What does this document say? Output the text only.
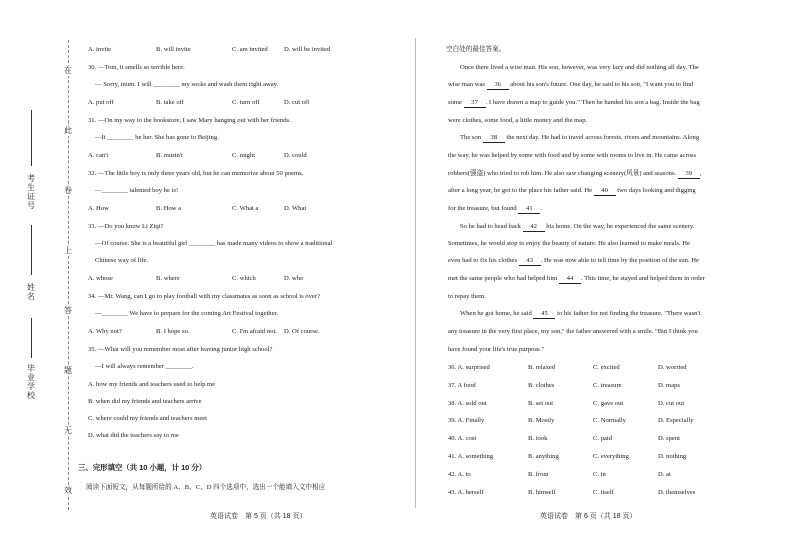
在
此
卷
上
答
题
无
效
考生证号
姓名
毕业学校
A. invite	B. will invite	C. am invited D. will be invited
30. —Tom, it smells so terrible here.
— Sorry, mum. I will ________ my socks and wash them right away.
A. put off	B. take off	C. turn off	D. cut off
31. —On my way to the bookstore, I saw Mary hanging out with her friends.
—It ________ be her. She has gone to Beijing.
A. can't	B. mustn't	C. might	D. could
32. —The little boy is only three years old, but he can memorize about 50 poems.
—________ talented boy he is!
A. How	B. How a	C. What a	D. What
33. —Do you know Li Ziqi?
—Of course. She is a beautiful girl ________ has made many videos to show a traditional
Chinese way of life.
A. whose	B. where	C. which	D. who
34. —Mr. Wang, can I go to play football with my classmates as soon as school is over?
—________ We have to prepare for the coming Art Festival together.
A. Why not?	B. I hope so.	C. I'm afraid not. D. Of course.
35. —What will you remember most after leaving junior high school?
—I will always remember ________.
A. how my friends and teachers used to help me
B. when did my friends and teachers arrive
C. where could my friends and teachers meet
D. what did the teachers say to me
三、完形填空（共 10 小题，计 10 分）
阅读下面短文，从每题所给的 A、B、C、D 四个选项中，选出一个能填入文中相应
英语试卷　第 5 页（共 18 页）
空白处的最佳答案。
Once there lived a wise man. His son, however, was very lazy and did nothing all day. The
wise man was 36 about his son's future. One day, he said to his son, "I want you to find
some 37 . I have drawn a map to guide you." Then he handed his son a bag. Inside the bag
were clothes, some food, a little money and the map.
The son 38 the next day. He had to travel across forests, rivers and mountains. Along
the way, he was helped by some with food and by some with rooms to live in. He came across
robbers(强盗) who tried to rob him. He also saw changing scenery(风景) and seasons. 39 ,
after a long year, he got to the place his father said. He 40 two days looking and digging
for the treasure, but found 41 .
So he had to head back 42 his home. On the way, he experienced the same scenery.
Sometimes, he would stop to enjoy the beauty of nature. He also learned to make meals. He
even had to fix his clothes 43 . He was now able to tell time by the position of the sun. He
met the same people who had helped him 44 . This time, he stayed and helped them in order
to repay them.
When he got home, he said 45 to his father for not finding the treasure. "There wasn't
any treasure in the very first place, my son," the father answered with a smile. "But I think you
have found your life's true purpose."
36. A. surprised	B. relaxed	C. excited	D. worried
37. A food	B. clothes	C. treasure	D. maps
38. A. sold out	B. set out	C. gave out	D. cut out
39. A. Finally	B. Mostly	C. Normally	D. Especially
40. A. cost	B. took	C. paid	D. spent
41. A. something	B. anything	C. everything	D. nothing
42. A. to	B. from	C. in	D. at
43. A. herself	B. himself	C. itself	D. themselves
英语试卷　第 6 页（共 18 页）
